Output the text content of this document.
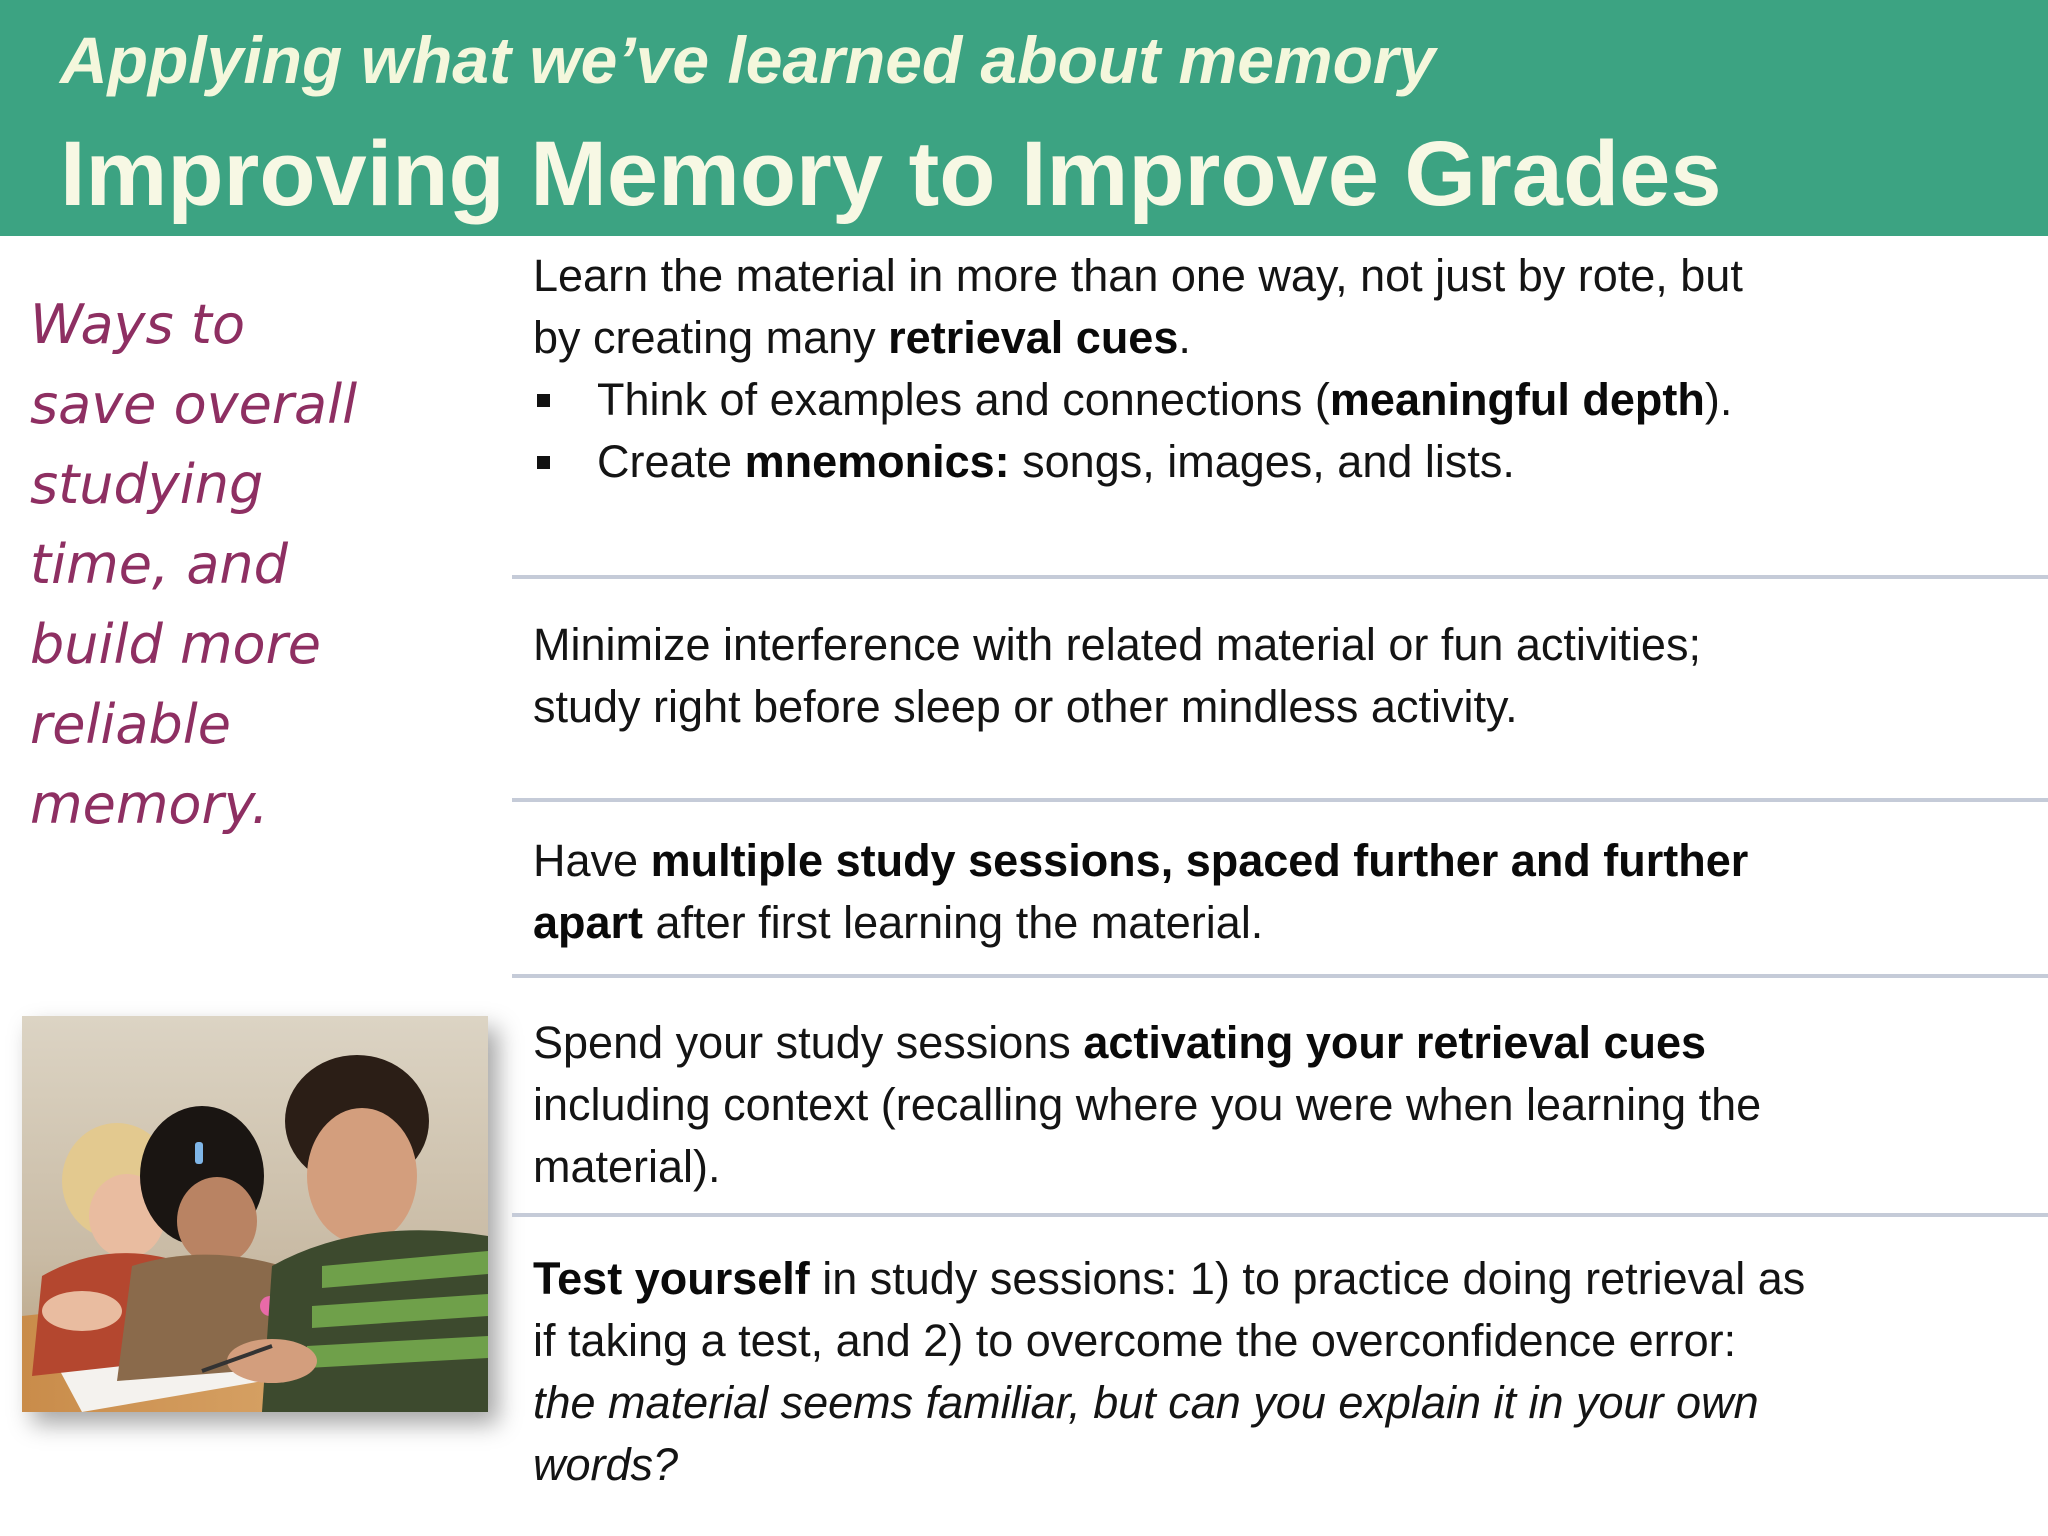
Applying what we’ve learned about memory
Improving Memory to Improve Grades
Ways to
save overall
studying
time, and
build more
reliable
memory.
Learn the material in more than one way, not just by rote, but
by creating many retrieval cues.
Think of examples and connections (meaningful depth).
Create mnemonics: songs, images, and lists.
Minimize interference with related material or fun activities;
study right before sleep or other mindless activity.
Have multiple study sessions, spaced further and further
apart after first learning the material.
Spend your study sessions activating your retrieval cues
including context (recalling where you were when learning the
material).
Test yourself in study sessions: 1) to practice doing retrieval as
if taking a test, and 2) to overcome the overconfidence error:
the material seems familiar, but can you explain it in your own
words?
